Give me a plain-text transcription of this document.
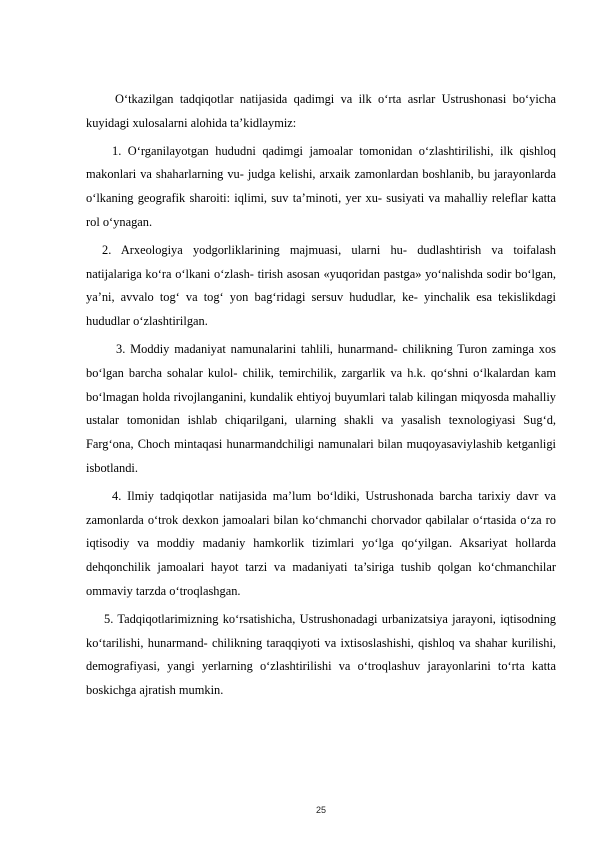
O‘tkazilgan tadqiqotlar natijasida qadimgi va ilk o‘rta asrlar Ustrushonasi bo‘yicha kuyidagi xulosalarni alohida ta’kidlaymiz:

1. O‘rganilayotgan hududni qadimgi jamoalar tomonidan o‘zlashtirilishi, ilk qishloq makonlari va shaharlarning vu- judga kelishi, arxaik zamonlardan boshlanib, bu jarayonlarda o‘lkaning geografik sharoiti: iqlimi, suv ta’minoti, yer xu- susiyati va mahalliy releflar katta rol o‘ynagan.

2. Arxeologiya yodgorliklarining majmuasi, ularni hu- dudlashtirish va toifalash natijalariga ko‘ra o‘lkani o‘zlash- tirish asosan «yuqoridan pastga» yo‘nalishda sodir bo‘lgan, ya’ni, avvalo tog‘ va tog‘ yon bag‘ridagi sersuv hududlar, ke- yinchalik esa tekislikdagi hududlar o‘zlashtirilgan.

3. Moddiy madaniyat namunalarini tahlili, hunarmand- chilikning Turon zaminga xos bo‘lgan barcha sohalar kulol- chilik, temirchilik, zargarlik va h.k. qo‘shni o‘lkalardan kam bo‘lmagan holda rivojlanganini, kundalik ehtiyoj buyumlari talab kilingan miqyosda mahalliy ustalar tomonidan ishlab chiqarilgani, ularning shakli va yasalish texnologiyasi Sug‘d, Farg‘ona, Choch mintaqasi hunarmandchiligi namunalari bilan muqoyasaviylashib ketganligi isbotlandi.

4. Ilmiy tadqiqotlar natijasida ma’lum bo‘ldiki, Ustrushonada barcha tarixiy davr va zamonlarda o‘trok dexkon jamoalari bilan ko‘chmanchi chorvador qabilalar o‘rtasida o‘za ro iqtisodiy va moddiy madaniy hamkorlik tizimlari yo‘lga qo‘yilgan. Aksariyat hollarda dehqonchilik jamoalari hayot tarzi va madaniyati ta’siriga tushib qolgan ko‘chmanchilar ommaviy tarzda o‘troqlashgan.

5. Tadqiqotlarimizning ko‘rsatishicha, Ustrushonadagi urbanizatsiya jarayoni, iqtisodning ko‘tarilishi, hunarmand- chilikning taraqqiyoti va ixtisoslashishi, qishloq va shahar kurilishi, demografiyasi, yangi yerlarning o‘zlashtirilishi va o‘troqlashuv jarayonlarini to‘rta katta boskichga ajratish mumkin.

25
